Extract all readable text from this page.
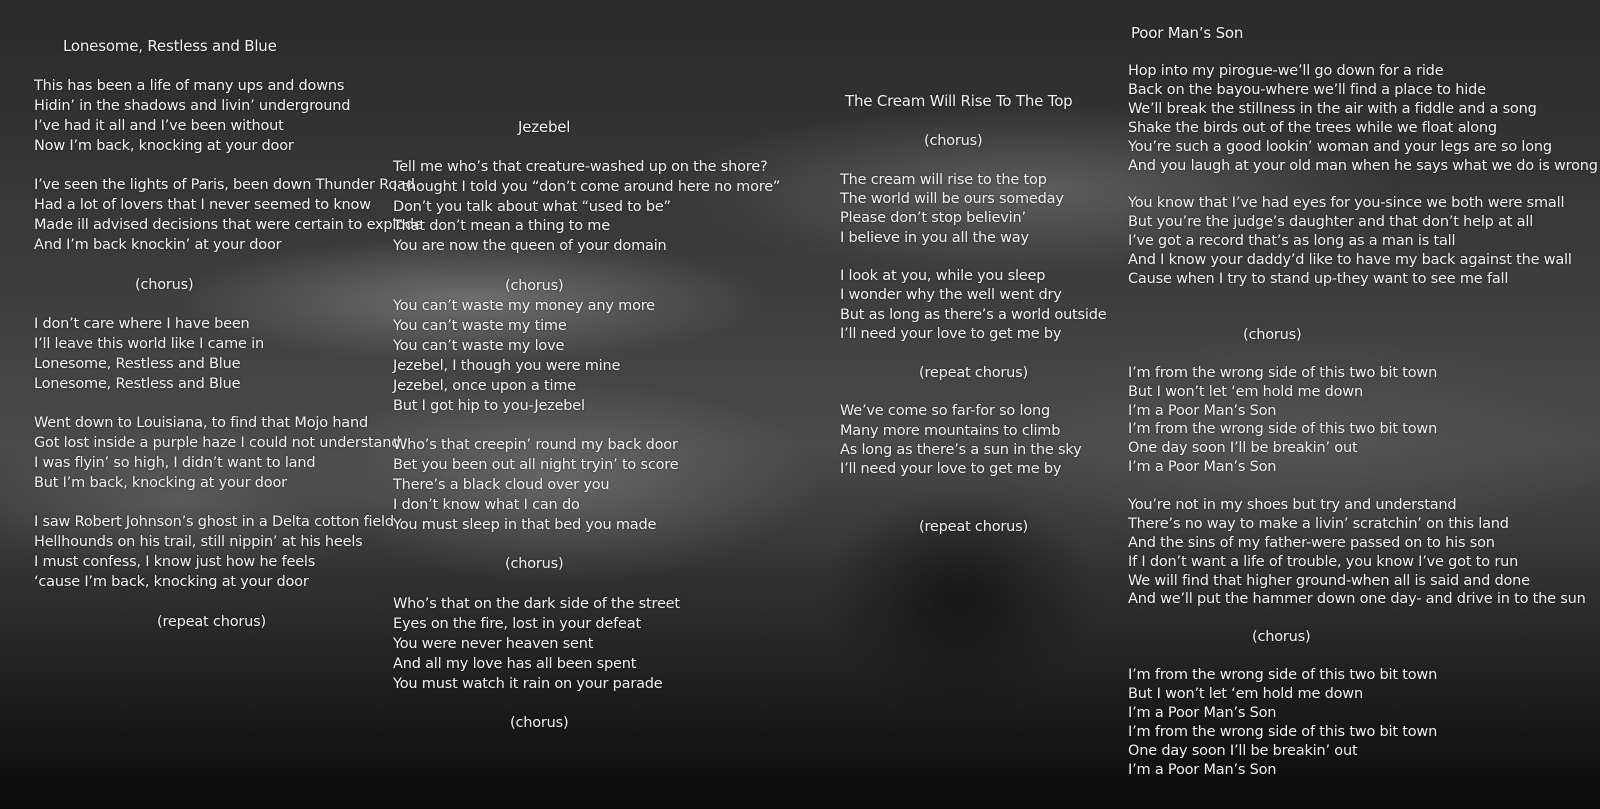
Lonesome, Restless and Blue
This has been a life of many ups and downs
Hidin’ in the shadows and livin’ underground
I’ve had it all and I’ve been without
Now I’m back, knocking at your door
I’ve seen the lights of Paris, been down Thunder Road
Had a lot of lovers that I never seemed to know
Made ill advised decisions that were certain to explode
And I’m back knockin’ at your door
(chorus)
I don’t care where I have been
I’ll leave this world like I came in
Lonesome, Restless and Blue
Lonesome, Restless and Blue
Went down to Louisiana, to find that Mojo hand
Got lost inside a purple haze I could not understand
I was flyin’ so high, I didn’t want to land
But I’m back, knocking at your door
I saw Robert Johnson’s ghost in a Delta cotton field
Hellhounds on his trail, still nippin’ at his heels
I must confess, I know just how he feels
‘cause I’m back, knocking at your door
(repeat chorus)
Jezebel
Tell me who’s that creature-washed up on the shore?
I thought I told you “don’t come around here no more”
Don’t you talk about what “used to be”
That don’t mean a thing to me
You are now the queen of your domain
(chorus)
You can’t waste my money any more
You can’t waste my time
You can’t waste my love
Jezebel, I though you were mine
Jezebel, once upon a time
But I got hip to you-Jezebel
Who’s that creepin’ round my back door
Bet you been out all night tryin’ to score
There’s a black cloud over you
I don’t know what I can do
You must sleep in that bed you made
(chorus)
Who’s that on the dark side of the street
Eyes on the fire, lost in your defeat
You were never heaven sent
And all my love has all been spent
You must watch it rain on your parade
(chorus)
The Cream Will Rise To The Top
(chorus)
The cream will rise to the top
The world will be ours someday
Please don’t stop believin’
I believe in you all the way
I look at you, while you sleep
I wonder why the well went dry
But as long as there’s a world outside
I’ll need your love to get me by
(repeat chorus)
We’ve come so far-for so long
Many more mountains to climb
As long as there’s a sun in the sky
I’ll need your love to get me by
(repeat chorus)
Poor Man’s Son
Hop into my pirogue-we’ll go down for a ride
Back on the bayou-where we’ll find a place to hide
We’ll break the stillness in the air with a fiddle and a song
Shake the birds out of the trees while we float along
You’re such a good lookin’ woman and your legs are so long
And you laugh at your old man when he says what we do is wrong
You know that I’ve had eyes for you-since we both were small
But you’re the judge’s daughter and that don’t help at all
I’ve got a record that’s as long as a man is tall
And I know your daddy’d like to have my back against the wall
Cause when I try to stand up-they want to see me fall
(chorus)
I’m from the wrong side of this two bit town
But I won’t let ‘em hold me down
I’m a Poor Man’s Son
I’m from the wrong side of this two bit town
One day soon I’ll be breakin’ out
I’m a Poor Man’s Son
You’re not in my shoes but try and understand
There’s no way to make a livin’ scratchin’ on this land
And the sins of my father-were passed on to his son
If I don’t want a life of trouble, you know I’ve got to run
We will find that higher ground-when all is said and done
And we’ll put the hammer down one day- and drive in to the sun
(chorus)
I’m from the wrong side of this two bit town
But I won’t let ‘em hold me down
I’m a Poor Man’s Son
I’m from the wrong side of this two bit town
One day soon I’ll be breakin’ out
I’m a Poor Man’s Son
